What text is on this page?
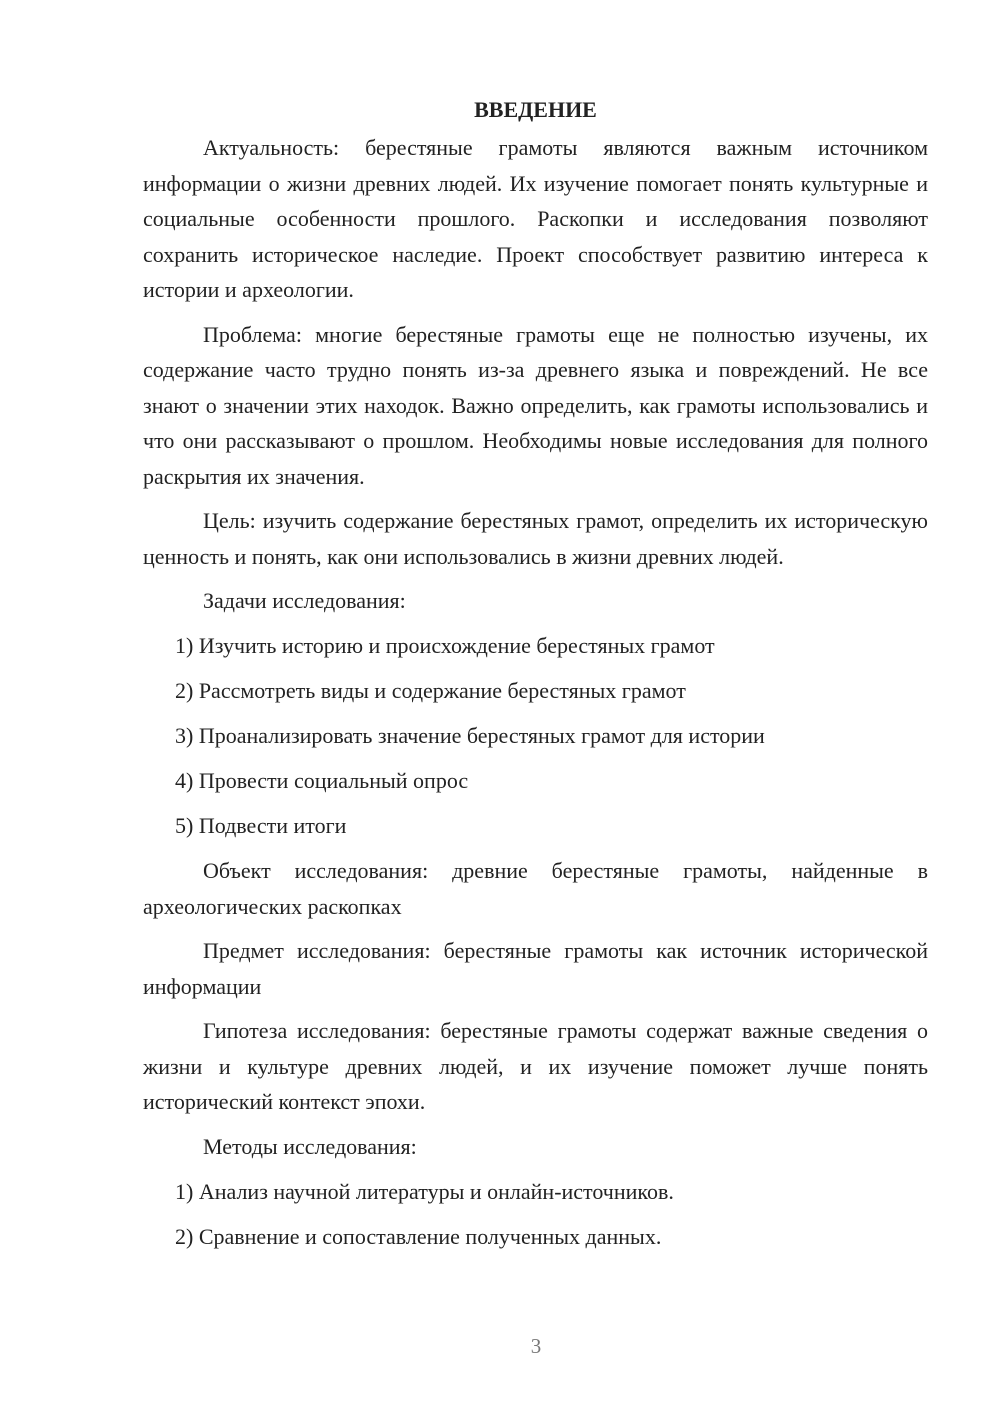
ВВЕДЕНИЕ

Актуальность: берестяные грамоты являются важным источником информации о жизни древних людей. Их изучение помогает понять культурные и социальные особенности прошлого. Раскопки и исследования позволяют сохранить историческое наследие. Проект способствует развитию интереса к истории и археологии.

Проблема: многие берестяные грамоты еще не полностью изучены, их содержание часто трудно понять из-за древнего языка и повреждений. Не все знают о значении этих находок. Важно определить, как грамоты использовались и что они рассказывают о прошлом. Необходимы новые исследования для полного раскрытия их значения.

Цель: изучить содержание берестяных грамот, определить их историческую ценность и понять, как они использовались в жизни древних людей.

Задачи исследования:

1) Изучить историю и происхождение берестяных грамот
2) Рассмотреть виды и содержание берестяных грамот
3) Проанализировать значение берестяных грамот для истории
4) Провести социальный опрос
5) Подвести итоги

Объект исследования: древние берестяные грамоты, найденные в археологических раскопках

Предмет исследования: берестяные грамоты как источник исторической информации

Гипотеза исследования: берестяные грамоты содержат важные сведения о жизни и культуре древних людей, и их изучение поможет лучше понять исторический контекст эпохи.

Методы исследования:

1) Анализ научной литературы и онлайн-источников.
2) Сравнение и сопоставление полученных данных.
3
